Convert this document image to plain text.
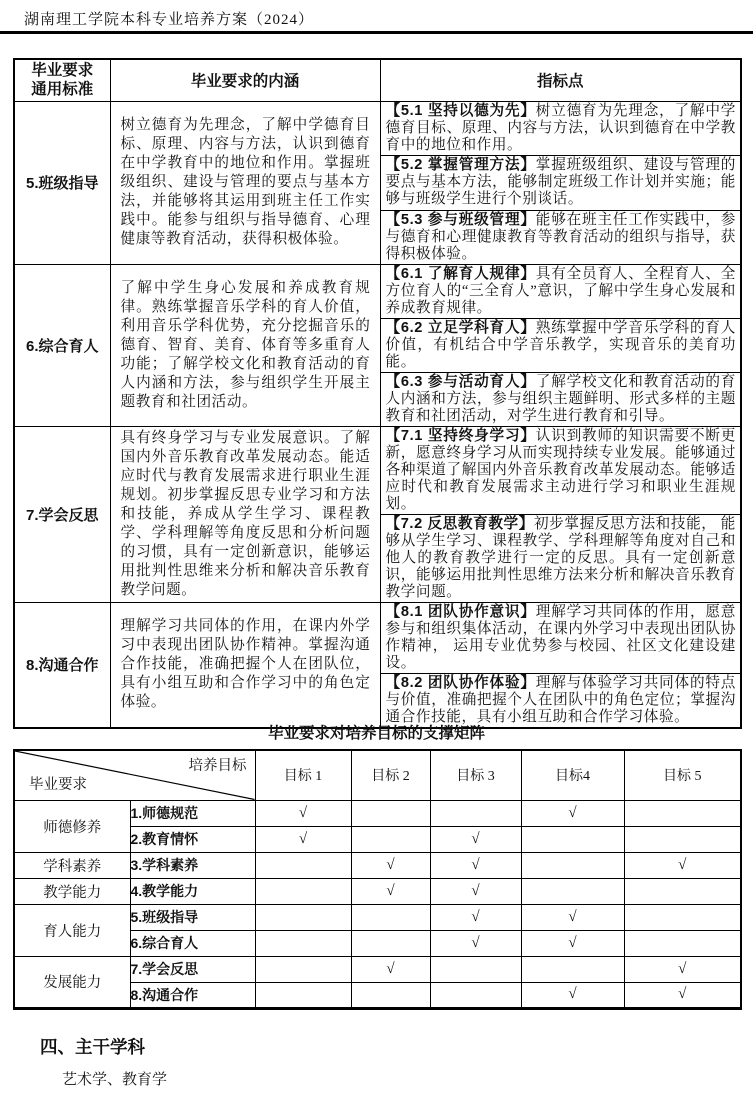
湖南理工学院本科专业培养方案（2024）
毕业要求
通用标准	毕业要求的内涵	指标点
5.班级指导	树立德育为先理念，了解中学德育目标、原理、内容与方法，认识到德育在中学教育中的地位和作用。掌握班级组织、建设与管理的要点与基本方法，并能够将其运用到班主任工作实践中。能参与组织与指导德育、心理健康等教育活动，获得积极体验。	【5.1 坚持以德为先】树立德育为先理念，了解中学德育目标、原理、内容与方法，认识到德育在中学教育中的地位和作用。
		【5.2 掌握管理方法】掌握班级组织、建设与管理的要点与基本方法，能够制定班级工作计划并实施；能够与班级学生进行个别谈话。
		【5.3 参与班级管理】能够在班主任工作实践中，参与德育和心理健康教育等教育活动的组织与指导，获得积极体验。
6.综合育人	了解中学生身心发展和养成教育规律。熟练掌握音乐学科的育人价值，利用音乐学科优势，充分挖掘音乐的德育、智育、美育、体育等多重育人功能；了解学校文化和教育活动的育人内涵和方法，参与组织学生开展主题教育和社团活动。	【6.1 了解育人规律】具有全员育人、全程育人、全方位育人的“三全育人”意识，了解中学生身心发展和养成教育规律。
		【6.2 立足学科育人】熟练掌握中学音乐学科的育人价值，有机结合中学音乐教学，实现音乐的美育功能。
		【6.3 参与活动育人】了解学校文化和教育活动的育人内涵和方法，参与组织主题鲜明、形式多样的主题教育和社团活动，对学生进行教育和引导。
7.学会反思	具有终身学习与专业发展意识。了解国内外音乐教育改革发展动态。能适应时代与教育发展需求进行职业生涯规划。初步掌握反思专业学习和方法和技能，养成从学生学习、课程教学、学科理解等角度反思和分析问题的习惯，具有一定创新意识，能够运用批判性思维来分析和解决音乐教育教学问题。	【7.1 坚持终身学习】认识到教师的知识需要不断更新，愿意终身学习从而实现持续专业发展。能够通过各种渠道了解国内外音乐教育改革发展动态。能够适应时代和教育发展需求主动进行学习和职业生涯规划。
		【7.2 反思教育教学】初步掌握反思方法和技能， 能够从学生学习、课程教学、学科理解等角度对自己和他人的教育教学进行一定的反思。具有一定创新意识，能够运用批判性思维方法来分析和解决音乐教育教学问题。
8.沟通合作	理解学习共同体的作用，在课内外学习中表现出团队协作精神。掌握沟通合作技能，准确把握个人在团队位，具有小组互助和合作学习中的角色定体验。	【8.1 团队协作意识】理解学习共同体的作用，愿意参与和组织集体活动，在课内外学习中表现出团队协作精神， 运用专业优势参与校园、社区文化建设建设。
		【8.2 团队协作体验】理解与体验学习共同体的特点与价值，准确把握个人在团队中的角色定位；掌握沟通合作技能，具有小组互助和合作学习体验。
毕业要求对培养目标的支撑矩阵
培养目标
毕业要求		目标 1	目标 2	目标 3	目标4	目标 5
师德修养	1.师德规范	√			√	
	2.教育情怀	√		√		
学科素养	3.学科素养		√	√		√
教学能力	4.教学能力		√	√		
育人能力	5.班级指导			√	√	
	6.综合育人			√	√	
发展能力	7.学会反思		√			√
	8.沟通合作				√	√
四、主干学科
艺术学、教育学
